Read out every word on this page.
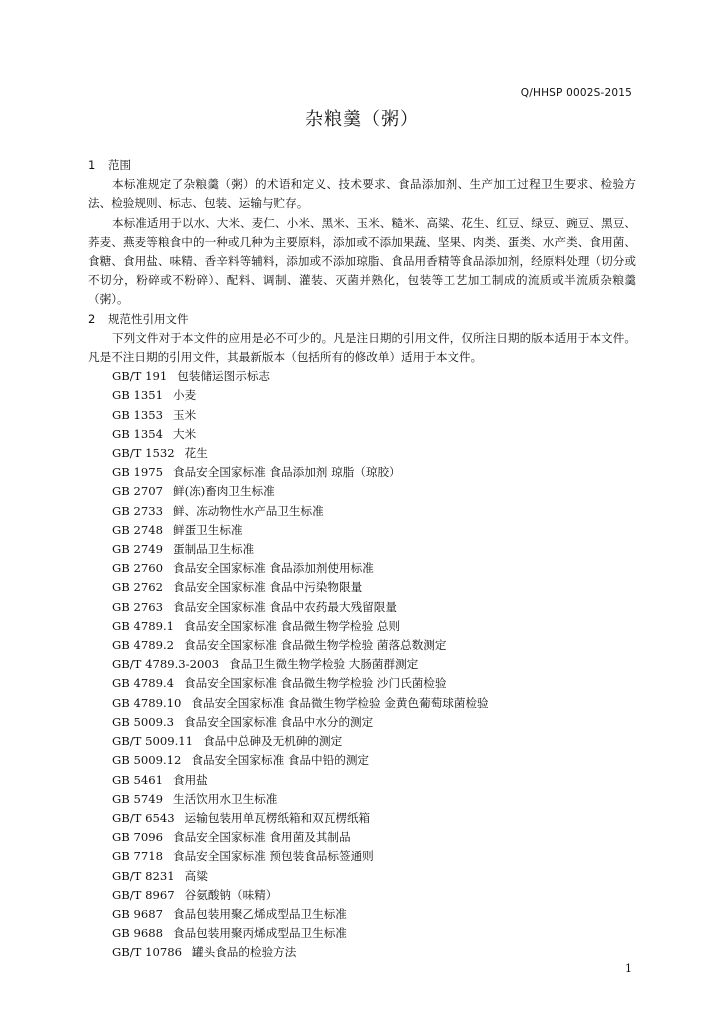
Q/HHSP 0002S-2015
杂粮羹（粥）
1 范围

本标准规定了杂粮羹（粥）的术语和定义、技术要求、食品添加剂、生产加工过程卫生要求、检验方法、检验规则、标志、包装、运输与贮存。

本标准适用于以水、大米、麦仁、小米、黑米、玉米、糙米、高粱、花生、红豆、绿豆、豌豆、黑豆、荞麦、燕麦等粮食中的一种或几种为主要原料，添加或不添加果蔬、坚果、肉类、蛋类、水产类、食用菌、食糖、食用盐、味精、香辛料等辅料，添加或不添加琼脂、食品用香精等食品添加剂，经原料处理（切分或不切分，粉碎或不粉碎）、配料、调制、灌装、灭菌并熟化，包装等工艺加工制成的流质或半流质杂粮羹（粥）。

2 规范性引用文件

下列文件对于本文件的应用是必不可少的。凡是注日期的引用文件，仅所注日期的版本适用于本文件。凡是不注日期的引用文件，其最新版本（包括所有的修改单）适用于本文件。

GB/T 191 包装储运图示标志
GB 1351 小麦
GB 1353 玉米
GB 1354 大米
GB/T 1532 花生
GB 1975 食品安全国家标准 食品添加剂 琼脂（琼胶）
GB 2707 鲜(冻)畜肉卫生标准
GB 2733 鲜、冻动物性水产品卫生标准
GB 2748 鲜蛋卫生标准
GB 2749 蛋制品卫生标准
GB 2760 食品安全国家标准 食品添加剂使用标准
GB 2762 食品安全国家标准 食品中污染物限量
GB 2763 食品安全国家标准 食品中农药最大残留限量
GB 4789.1 食品安全国家标准 食品微生物学检验 总则
GB 4789.2 食品安全国家标准 食品微生物学检验 菌落总数测定
GB/T 4789.3-2003 食品卫生微生物学检验 大肠菌群测定
GB 4789.4 食品安全国家标准 食品微生物学检验 沙门氏菌检验
GB 4789.10 食品安全国家标准 食品微生物学检验 金黄色葡萄球菌检验
GB 5009.3 食品安全国家标准 食品中水分的测定
GB/T 5009.11 食品中总砷及无机砷的测定
GB 5009.12 食品安全国家标准 食品中铅的测定
GB 5461 食用盐
GB 5749 生活饮用水卫生标准
GB/T 6543 运输包装用单瓦楞纸箱和双瓦楞纸箱
GB 7096 食品安全国家标准 食用菌及其制品
GB 7718 食品安全国家标准 预包装食品标签通则
GB/T 8231 高粱
GB/T 8967 谷氨酸钠（味精）
GB 9687 食品包装用聚乙烯成型品卫生标准
GB 9688 食品包装用聚丙烯成型品卫生标准
GB/T 10786 罐头食品的检验方法
1
